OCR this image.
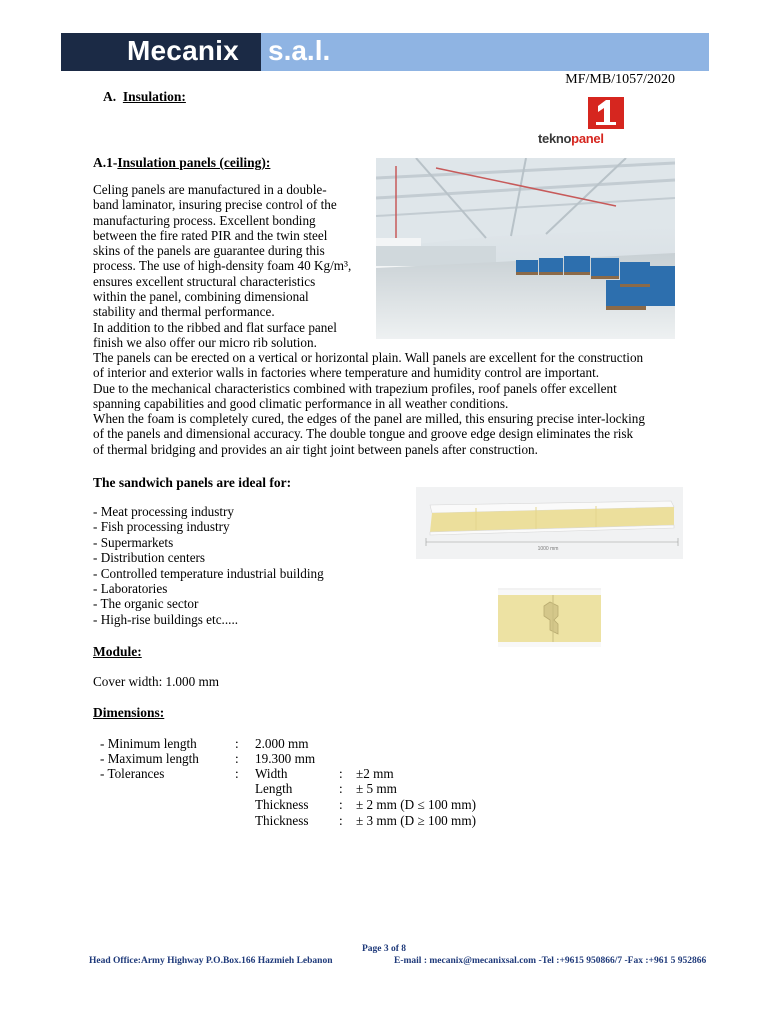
Mecanix s.a.l.
MF/MB/1057/2020
A. Insulation:
teknopanel
A.1-Insulation panels (ceiling):
Celing panels are manufactured in a double-
band laminator, insuring precise control of the
manufacturing process. Excellent bonding
between the fire rated PIR and the twin steel
skins of the panels are guarantee during this
process. The use of high-density foam 40 Kg/m³,
ensures excellent structural characteristics
within the panel, combining dimensional
stability and thermal performance.
In addition to the ribbed and flat surface panel
finish we also offer our micro rib solution.
The panels can be erected on a vertical or horizontal plain. Wall panels are excellent for the construction
of interior and exterior walls in factories where temperature and humidity control are important.
Due to the mechanical characteristics combined with trapezium profiles, roof panels offer excellent
spanning capabilities and good climatic performance in all weather conditions.
When the foam is completely cured, the edges of the panel are milled, this ensuring precise inter-locking
of the panels and dimensional accuracy. The double tongue and groove edge design eliminates the risk
of thermal bridging and provides an air tight joint between panels after construction.
The sandwich panels are ideal for:
- Meat processing industry
- Fish processing industry
- Supermarkets
- Distribution centers
- Controlled temperature industrial building
- Laboratories
- The organic sector
- High-rise buildings etc.....
1000 mm
Module:
Cover width: 1.000 mm
Dimensions:
- Minimum length	: 2.000 mm
- Maximum length	: 19.300 mm
- Tolerances	: Width	: ±2 mm
Length	: ± 5 mm
Thickness : ± 2 mm (D ≤ 100 mm)
Thickness : ± 3 mm (D ≥ 100 mm)
Page 3 of 8
Head Office:Army Highway P.O.Box.166 Hazmieh Lebanon	E-mail : mecanix@mecanixsal.com -Tel :+9615 950866/7 -Fax :+961 5 952866
